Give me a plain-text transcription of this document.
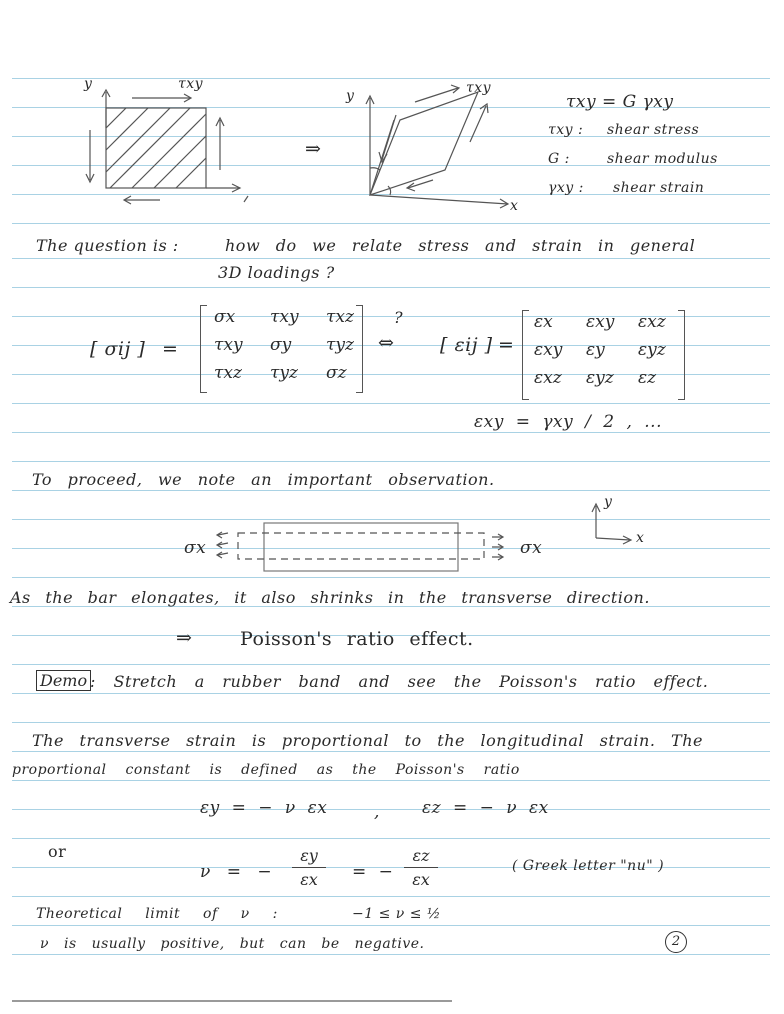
y	τxy
⇒
y
x
τxy
τxy = G γxy
τxy : shear stress
G :	shear modulus
γxy : shear strain
The question is :	how do we relate stress and strain in general
3D loadings ?
[ σij ] =
σx	τxy	τxz
τxy	σy	τyz
τxz	τyz	σz
?
⇔ [ εij ] =
εx	εxy	εxz
εxy	εy	εyz
εxz	εyz	εz
εxy = γxy / 2 , ...
To proceed, we note an important observation.
σx	σx
y
x
As the bar elongates, it also shrinks in the transverse direction.
⇒	Poisson's ratio effect.
Demo : Stretch a rubber band and see the Poisson's ratio effect.
The transverse strain is proportional to the longitudinal strain. The
proportional constant is defined as the Poisson's ratio
εy = − ν εx	, εz = − ν εx
or
ν = −
εy
εx = −
εz
εx
( Greek letter "nu" )
Theoretical limit of ν :	−1 ≤ ν ≤ ½
ν is usually positive, but can be negative.	2
